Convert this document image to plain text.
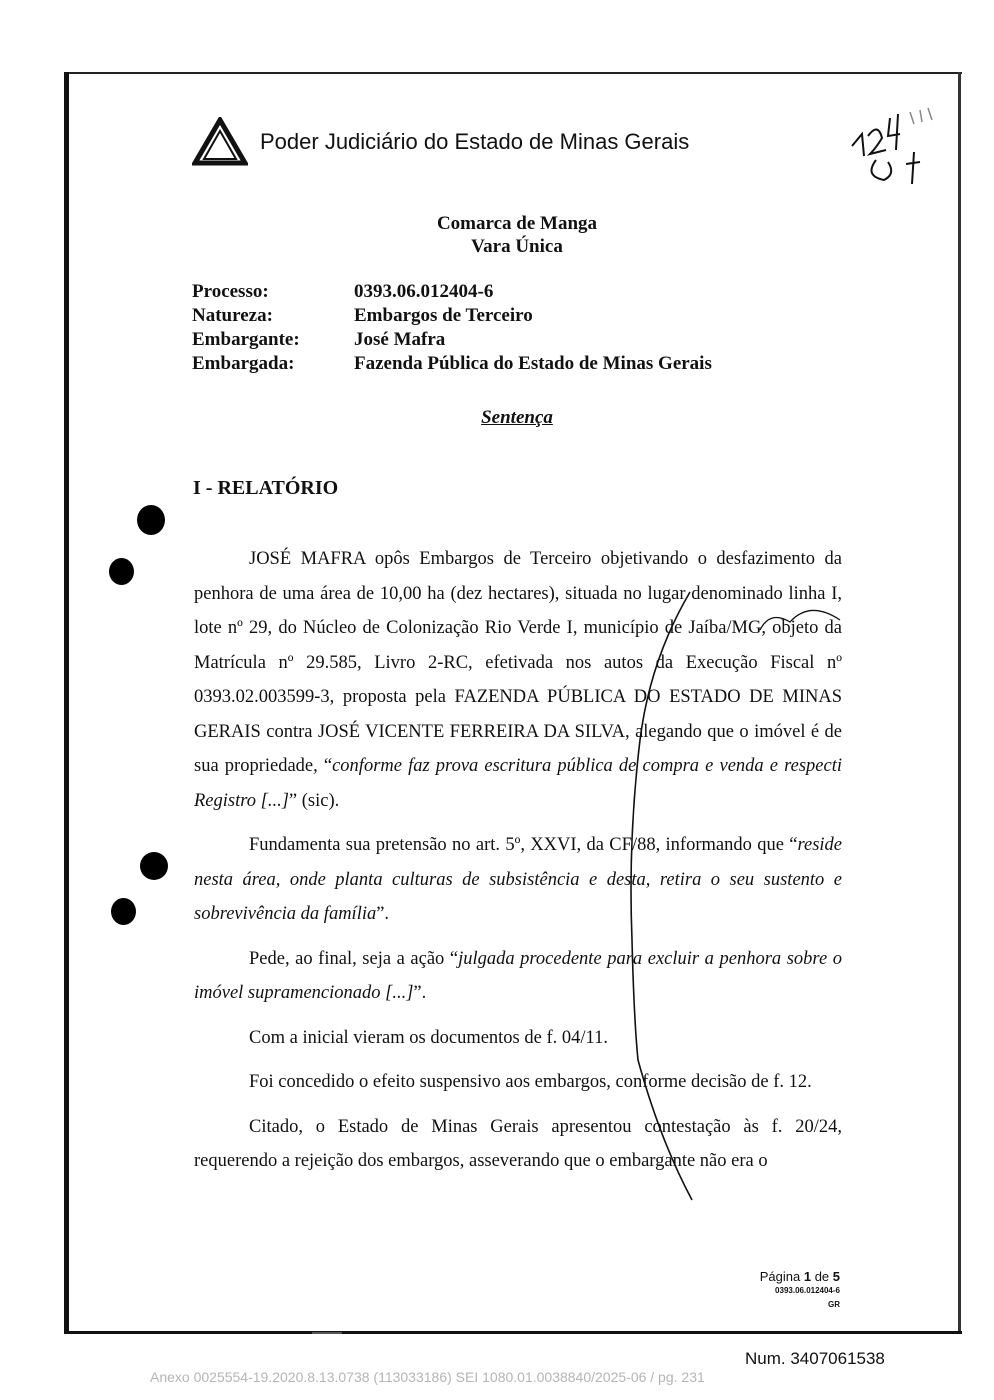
Poder Judiciário do Estado de Minas Gerais
Comarca de Manga
Vara Única
Processo:	0393.06.012404-6
Natureza:	Embargos de Terceiro
Embargante:	José Mafra
Embargada:	Fazenda Pública do Estado de Minas Gerais
Sentença
I - RELATÓRIO

JOSÉ MAFRA opôs Embargos de Terceiro objetivando o desfazimento da penhora de uma área de 10,00 ha (dez hectares), situada no lugar denominado linha I, lote nº 29, do Núcleo de Colonização Rio Verde I, município de Jaíba/MG, objeto da Matrícula nº 29.585, Livro 2-RC, efetivada nos autos da Execução Fiscal nº 0393.02.003599-3, proposta pela FAZENDA PÚBLICA DO ESTADO DE MINAS GERAIS contra JOSÉ VICENTE FERREIRA DA SILVA, alegando que o imóvel é de sua propriedade, “conforme faz prova escritura pública de compra e venda e respecti Registro [...]” (sic).

Fundamenta sua pretensão no art. 5º, XXVI, da CF/88, informando que “reside nesta área, onde planta culturas de subsistência e desta, retira o seu sustento e sobrevivência da família”.

Pede, ao final, seja a ação “julgada procedente para excluir a penhora sobre o imóvel supramencionado [...]”.

Com a inicial vieram os documentos de f. 04/11.

Foi concedido o efeito suspensivo aos embargos, conforme decisão de f. 12.

Citado, o Estado de Minas Gerais apresentou contestação às f. 20/24, requerendo a rejeição dos embargos, asseverando que o embargante não era o

Página 1 de 5
0393.06.012404-6
GR
Num. 3407061538
Anexo 0025554-19.2020.8.13.0738 (113033186) SEI 1080.01.0038840/2025-06 / pg. 231
